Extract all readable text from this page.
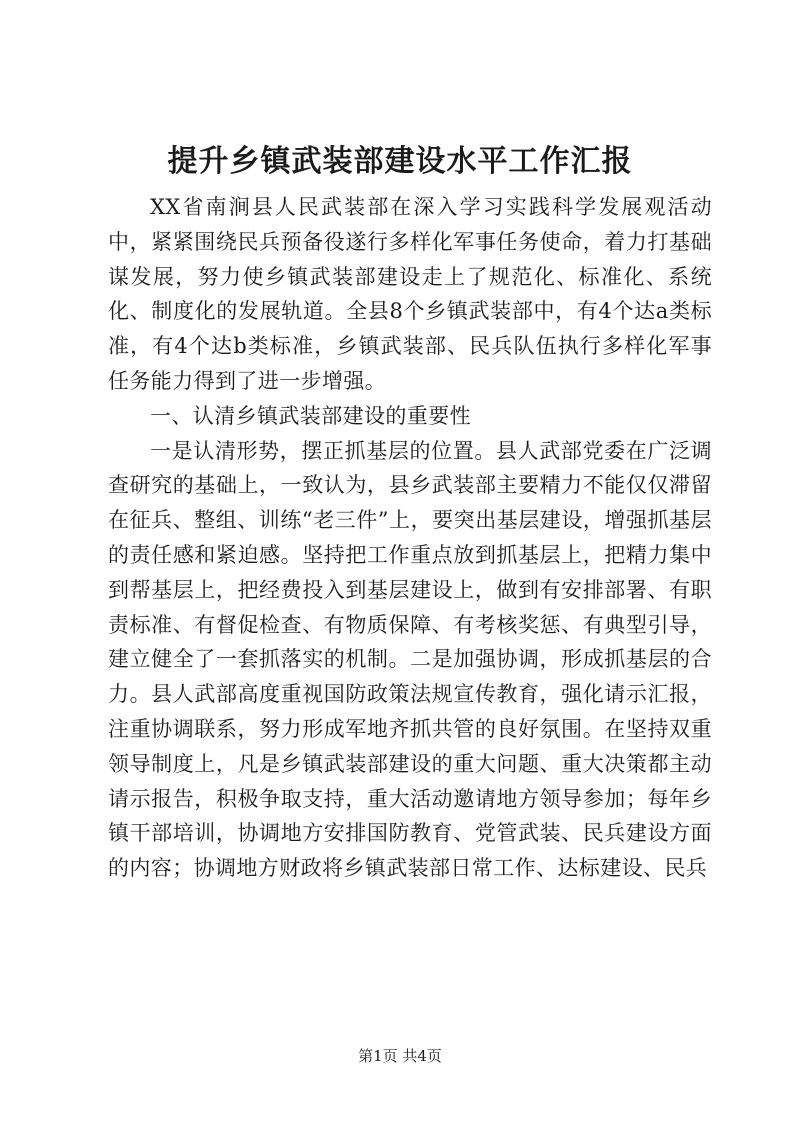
提升乡镇武装部建设水平工作汇报

XX省南涧县人民武装部在深入学习实践科学发展观活动中，紧紧围绕民兵预备役遂行多样化军事任务使命，着力打基础谋发展，努力使乡镇武装部建设走上了规范化、标准化、系统化、制度化的发展轨道。全县8个乡镇武装部中，有4个达a类标准，有4个达b类标准，乡镇武装部、民兵队伍执行多样化军事任务能力得到了进一步增强。

一、认清乡镇武装部建设的重要性

一是认清形势，摆正抓基层的位置。县人武部党委在广泛调查研究的基础上，一致认为，县乡武装部主要精力不能仅仅滞留在征兵、整组、训练“老三件”上，要突出基层建设，增强抓基层的责任感和紧迫感。坚持把工作重点放到抓基层上，把精力集中到帮基层上，把经费投入到基层建设上，做到有安排部署、有职责标准、有督促检查、有物质保障、有考核奖惩、有典型引导，建立健全了一套抓落实的机制。二是加强协调，形成抓基层的合力。县人武部高度重视国防政策法规宣传教育，强化请示汇报，注重协调联系，努力形成军地齐抓共管的良好氛围。在坚持双重领导制度上，凡是乡镇武装部建设的重大问题、重大决策都主动请示报告，积极争取支持，重大活动邀请地方领导参加；每年乡镇干部培训，协调地方安排国防教育、党管武装、民兵建设方面的内容；协调地方财政将乡镇武装部日常工作、达标建设、民兵

第1页 共4页
